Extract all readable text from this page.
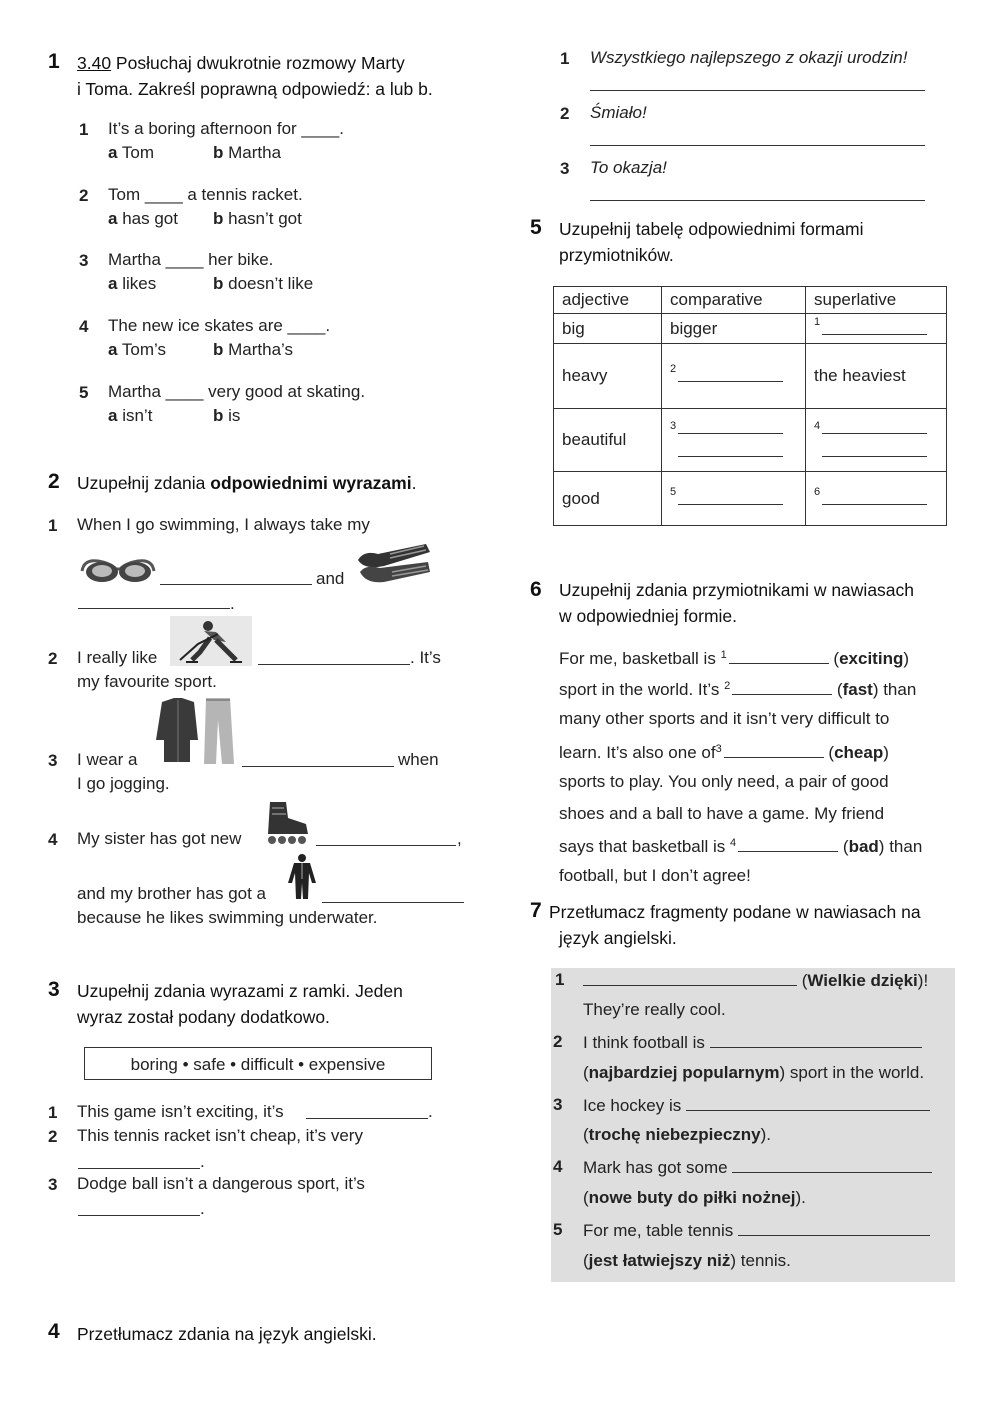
1 3.40 Posłuchaj dwukrotnie rozmowy Marty
i Toma. Zakreśl poprawną odpowiedź: a lub b.
1 It’s a boring afternoon for ____.
a Tom	b Martha
2 Tom ____ a tennis racket.
a has got b hasn’t got
3 Martha ____ her bike.
a likes	b doesn’t like
4 The new ice skates are ____.
a Tom’s	b Martha’s
5 Martha ____ very good at skating.
a isn’t	b is
2 Uzupełnij zdania odpowiednimi wyrazami.
1 When I go swimming, I always take my
and
.
2 I really like	. It’s
my favourite sport.
3 I wear a	when
I go jogging.
4 My sister has got new	,
and my brother has got a
because he likes swimming underwater.
3 Uzupełnij zdania wyrazami z ramki. Jeden
wyraz został podany dodatkowo.
boring • safe • difficult • expensive
1 This game isn’t exciting, it’s	.
2 This tennis racket isn’t cheap, it’s very
.
3 Dodge ball isn’t a dangerous sport, it’s
.
4 Przetłumacz zdania na język angielski.
1 Wszystkiego najlepszego z okazji urodzin!
2 Śmiało!
3 To okazja!
5 Uzupełnij tabelę odpowiednimi formami
przymiotników.
adjective	comparative	superlative
big	bigger	$^1$
heavy	$^2$	the heaviest
beautiful	$^3$	$^4$

good	$^5$	$^6$
6 Uzupełnij zdania przymiotnikami w nawiasach
w odpowiedniej formie.
For me, basketball is $^1$	(exciting)
sport in the world. It’s $^2$	(fast) than
many other sports and it isn’t very difficult to
learn. It’s also one $of^3$	(cheap)
sports to play. You only need, a pair of good
shoes and a ball to have a game. My friend
says that basketball is $^4$	(bad) than
football, but I don’t agree!
7 Przetłumacz fragmenty podane w nawiasach na
język angielski.
1	(Wielkie dzięki)!
They’re really cool.
2 I think football is
(najbardziej popularnym) sport in the world.
3 Ice hockey is
(trochę niebezpieczny).
4 Mark has got some
(nowe buty do piłki nożnej).
5 For me, table tennis
(jest łatwiejszy niż) tennis.
